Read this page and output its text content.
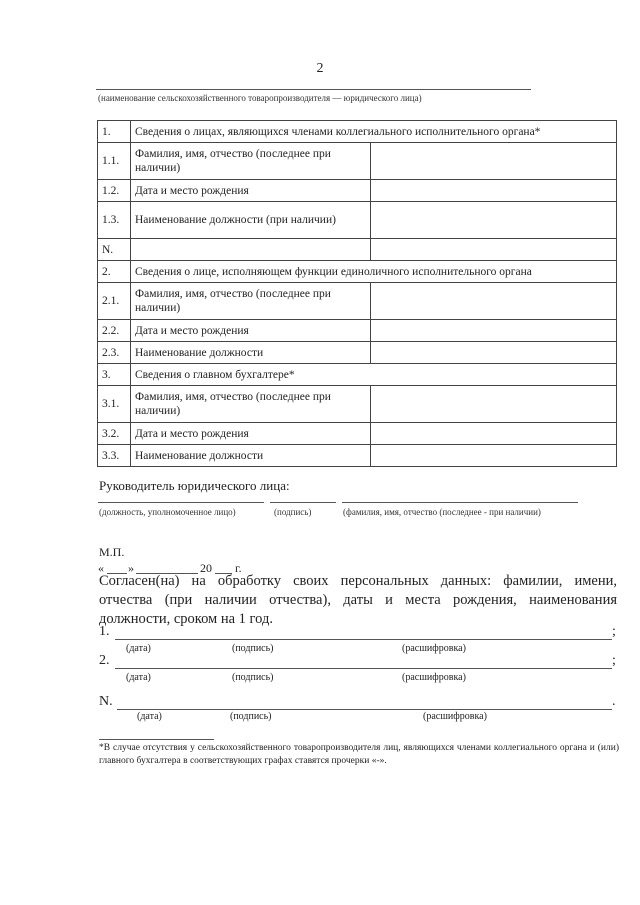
2
(наименование сельскохозяйственного товаропроизводителя — юридического лица)
1.	Сведения о лицах, являющихся членами коллегиального исполнительного органа*	
1.1.	Фамилия, имя, отчество (последнее при наличии)	
1.2.	Дата и место рождения	
1.3.	Наименование должности (при наличии)	
N.		
2.	Сведения о лице, исполняющем функции единоличного исполнительного органа	
2.1.	Фамилия, имя, отчество (последнее при наличии)	
2.2.	Дата и место рождения	
2.3.	Наименование должности	
3.	Сведения о главном бухгалтере*	
3.1.	Фамилия, имя, отчество (последнее при наличии)	
3.2.	Дата и место рождения	
3.3.	Наименование должности	
Руководитель юридического лица:
(должность, уполномоченное лицо)	(подпись)	(фамилия, имя, отчество (последнее - при наличии)
М.П.
« »	20 г.
Согласен(на) на обработку своих персональных данных: фамилии, имени,
отчества (при наличии отчества), даты и места рождения, наименования
должности, сроком на 1 год.
1.	;
(дата)	(подпись)	(расшифровка)
2.	;
(дата)	(подпись)	(расшифровка)
N.	.
(дата)	(подпись)	(расшифровка)
*В случае отсутствия у сельскохозяйственного товаропроизводителя лиц, являющихся членами коллегиального органа и (или) главного бухгалтера в соответствующих графах ставятся прочерки «-».
